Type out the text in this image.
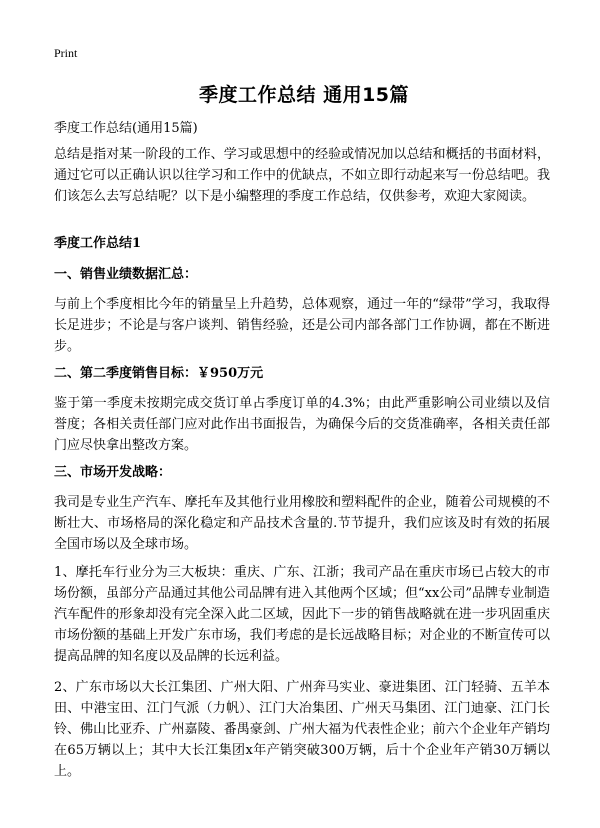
Print
季度工作总结 通用15篇
季度工作总结(通用15篇)
总结是指对某一阶段的工作、学习或思想中的经验或情况加以总结和概括的书面材料，通过它可以正确认识以往学习和工作中的优缺点，不如立即行动起来写一份总结吧。我们该怎么去写总结呢？以下是小编整理的季度工作总结，仅供参考，欢迎大家阅读。
季度工作总结1
一、销售业绩数据汇总：
与前上个季度相比今年的销量呈上升趋势，总体观察，通过一年的“绿带”学习，我取得长足进步；不论是与客户谈判、销售经验，还是公司内部各部门工作协调，都在不断进步。
二、第二季度销售目标：￥950万元
鉴于第一季度未按期完成交货订单占季度订单的4.3%；由此严重影响公司业绩以及信誉度；各相关责任部门应对此作出书面报告，为确保今后的交货准确率，各相关责任部门应尽快拿出整改方案。
三、市场开发战略：
我司是专业生产汽车、摩托车及其他行业用橡胶和塑料配件的企业，随着公司规模的不断壮大、市场格局的深化稳定和产品技术含量的.节节提升，我们应该及时有效的拓展全国市场以及全球市场。
1、摩托车行业分为三大板块：重庆、广东、江浙；我司产品在重庆市场已占较大的市场份额，虽部分产品通过其他公司品牌有进入其他两个区域；但“xx公司”品牌专业制造汽车配件的形象却没有完全深入此二区域，因此下一步的销售战略就在进一步巩固重庆市场份额的基础上开发广东市场，我们考虑的是长远战略目标；对企业的不断宣传可以提高品牌的知名度以及品牌的长远利益。
2、广东市场以大长江集团、广州大阳、广州奔马实业、豪进集团、江门轻骑、五羊本田、中港宝田、江门气派（力帆）、江门大冶集团、广州天马集团、江门迪豪、江门长铃、佛山比亚乔、广州嘉陵、番禺豪剑、广州大福为代表性企业；前六个企业年产销均在65万辆以上；其中大长江集团x年产销突破300万辆，后十个企业年产销30万辆以上。
